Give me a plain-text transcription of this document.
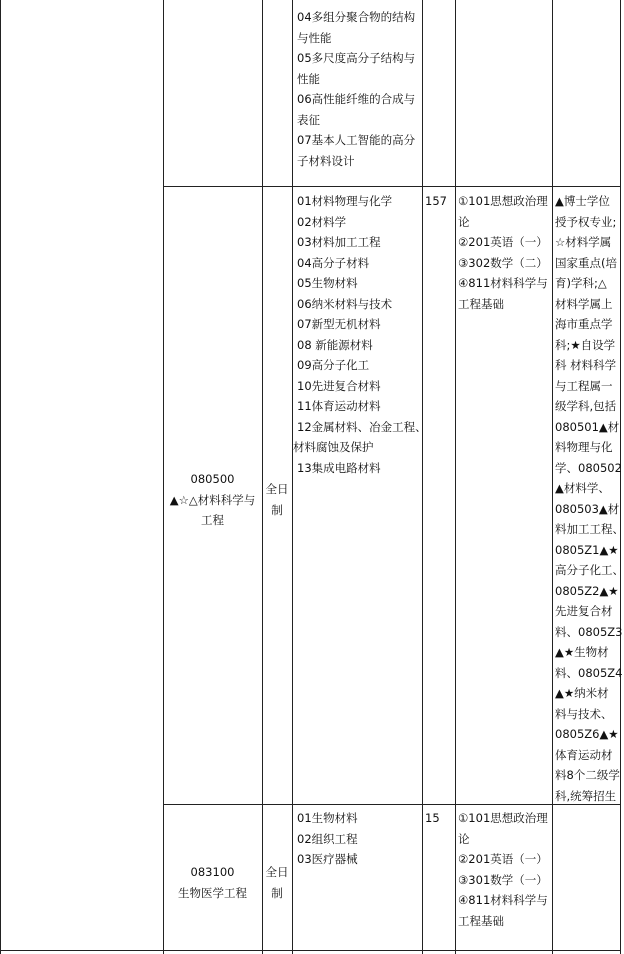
04多组分聚合物的结构
与性能
05多尺度高分子结构与
性能
06高性能纤维的合成与
表征
07基本人工智能的高分
子材料设计
080500
▲☆△材料科学与
工程
全日
制
01材料物理与化学
02材料学
03材料加工工程
04高分子材料
05生物材料
06纳米材料与技术
07新型无机材料
08 新能源材料
09高分子化工
10先进复合材料
11体育运动材料
12金属材料、冶金工程、
材料腐蚀及保护
13集成电路材料
157 ①101思想政治理
论
②201英语（一）
③302数学（二）
④811材料科学与
工程基础
▲博士学位
授予权专业;
☆材料学属
国家重点(培
育)学科;△
材料学属上
海市重点学
科;★自设学
科 材料科学
与工程属一
级学科,包括
080501▲材
料物理与化
学、080502
▲材料学、
080503▲材
料加工工程、
0805Z1▲★
高分子化工、
0805Z2▲★
先进复合材
料、0805Z3
▲★生物材
料、0805Z4
▲★纳米材
料与技术、
0805Z6▲★
体育运动材
料8个二级学
科,统筹招生
083100
生物医学工程
全日
制
01生物材料
02组织工程
03医疗器械
15 ①101思想政治理
论
②201英语（一）
③301数学（一）
④811材料科学与
工程基础
